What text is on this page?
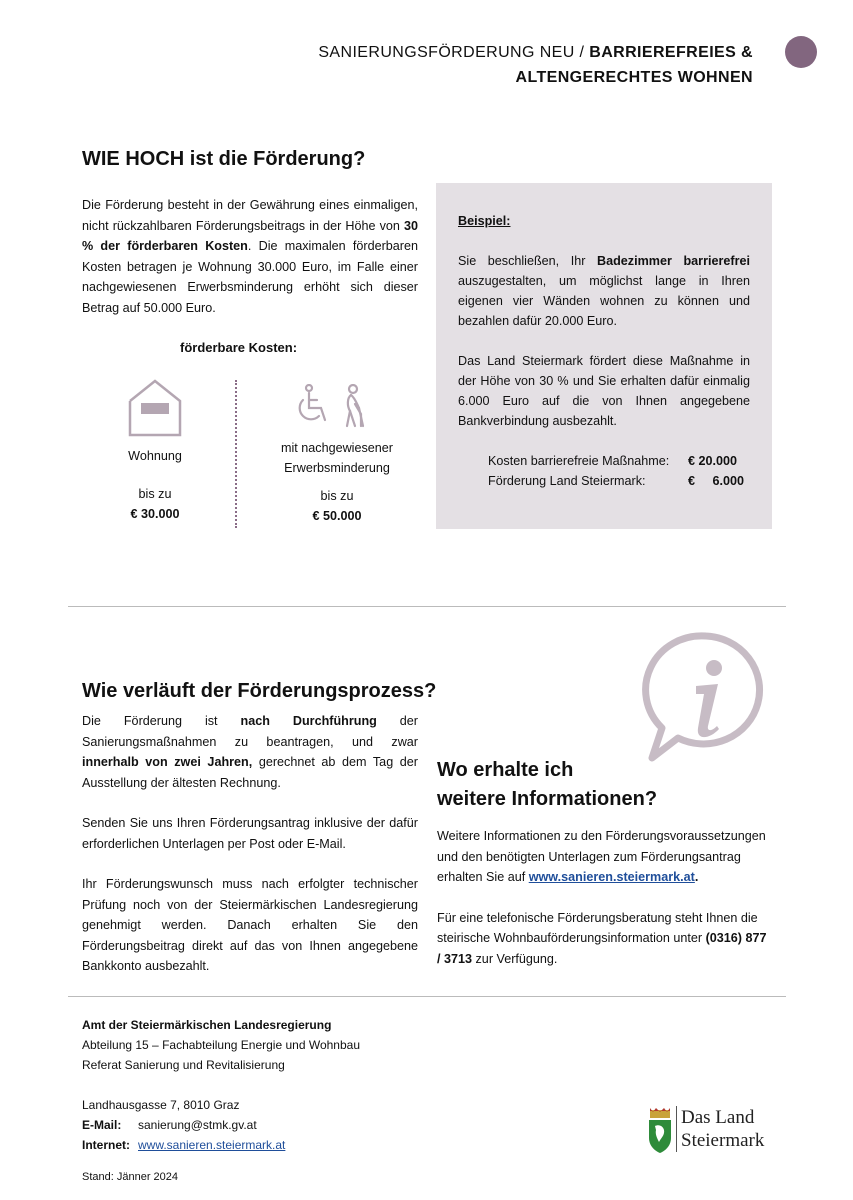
SANIERUNGSFÖRDERUNG NEU / BARRIEREFREIES &
ALTENGERECHTES WOHNEN
WIE HOCH ist die Förderung?
Die Förderung besteht in der Gewährung eines einmaligen, nicht rückzahlbaren Förderungsbeitrags in der Höhe von 30 % der förderbaren Kosten. Die maximalen förderbaren Kosten betragen je Wohnung 30.000 Euro, im Falle einer nachgewiesenen Erwerbsminderung erhöht sich dieser Betrag auf 50.000 Euro.
förderbare Kosten:
Wohnung
bis zu
€ 30.000
mit nachgewiesener Erwerbsminderung
bis zu
€ 50.000
Beispiel:

Sie beschließen, Ihr Badezimmer barrierefrei auszugestalten, um möglichst lange in Ihren eigenen vier Wänden wohnen zu können und bezahlen dafür 20.000 Euro.

Das Land Steiermark fördert diese Maßnahme in der Höhe von 30 % und Sie erhalten dafür einmalig 6.000 Euro auf die von Ihnen angegebene Bankverbindung ausbezahlt.

Kosten barrierefreie Maßnahme:	€ 20.000
Förderung Land Steiermark:	€ 6.000
Wie verläuft der Förderungsprozess?

Die Förderung ist nach Durchführung der Sanierungsmaßnahmen zu beantragen, und zwar innerhalb von zwei Jahren, gerechnet ab dem Tag der Ausstellung der ältesten Rechnung.

Senden Sie uns Ihren Förderungsantrag inklusive der dafür erforderlichen Unterlagen per Post oder E-Mail.

Ihr Förderungswunsch muss nach erfolgter technischer Prüfung noch von der Steiermärkischen Landesregierung genehmigt werden. Danach erhalten Sie den Förderungsbeitrag direkt auf das von Ihnen angegebene Bankkonto ausbezahlt.

Wo erhalte ich
weitere Informationen?

Weitere Informationen zu den Förderungsvoraussetzungen und den benötigten Unterlagen zum Förderungsantrag erhalten Sie auf www.sanieren.steiermark.at.

Für eine telefonische Förderungsberatung steht Ihnen die steirische Wohnbauförderungsinformation unter (0316) 877 / 3713 zur Verfügung.

Amt der Steiermärkischen Landesregierung
Abteilung 15 – Fachabteilung Energie und Wohnbau
Referat Sanierung und Revitalisierung
Landhausgasse 7, 8010 Graz
E-Mail: sanierung@stmk.gv.at
Internet: www.sanieren.steiermark.at
Stand: Jänner 2024
Das Land
Steiermark
